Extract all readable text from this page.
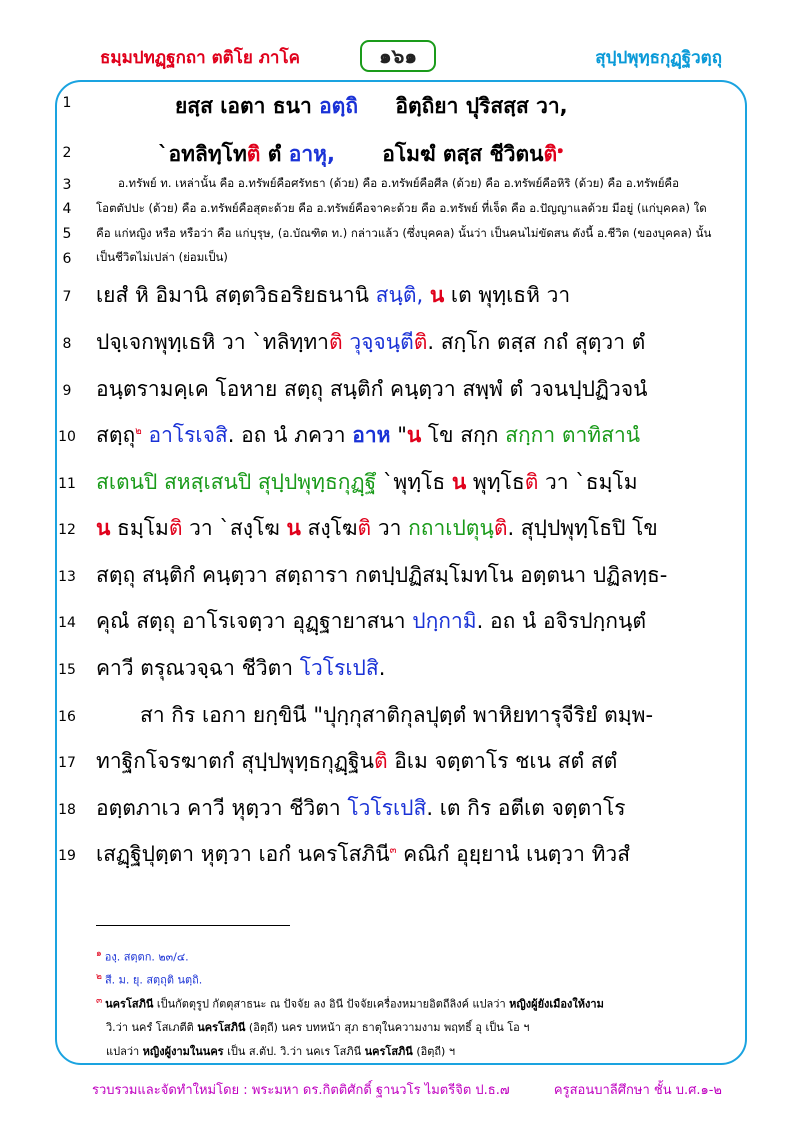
ธมฺมปทฏฺฐกถา ตติโย ภาโค	๑๖๑	สุปฺปพุทฺธกุฏฺฐิวตฺถุ
1
2
3
4
5
6
7
8
9
10
11
12
13
14
15
16
17
18
19
ยสฺส เอตา ธนา อตฺถิ อิตฺถิยา ปุริสสฺส วา,
`อทลิทฺโทติ ตํ อาหุ, อโมฆํ ตสฺส ชีวิตนติ$^๑$
อ.ทรัพย์ ท. เหล่านั้น คือ อ.ทรัพย์คือศรัทธา (ด้วย) คือ อ.ทรัพย์คือศีล (ด้วย) คือ อ.ทรัพย์คือหิริ (ด้วย) คือ อ.ทรัพย์คือ
โอตตัปปะ (ด้วย) คือ อ.ทรัพย์คือสุตะด้วย คือ อ.ทรัพย์คือจาคะด้วย คือ อ.ทรัพย์ ที่เจ็ด คือ อ.ปัญญาแลด้วย มีอยู่ (แก่บุคคล) ใด
คือ แก่หญิง หรือ หรือว่า คือ แก่บุรุษ, (อ.บัณฑิต ท.) กล่าวแล้ว (ซึ่งบุคคล) นั้นว่า เป็นคนไม่ขัดสน ดังนี้ อ.ชีวิต (ของบุคคล) นั้น
เป็นชีวิตไม่เปล่า (ย่อมเป็น)
เยสํ หิ อิมานิ สตฺตวิธอริยธนานิ สนฺติ, น เต พุทฺเธหิ วา
ปจฺเจกพุทฺเธหิ วา `ทลิทฺทาติ วุจฺจนฺตีติ. สกฺโก ตสฺส กถํ สุตฺวา ตํ
อนฺตรามคฺเค โอหาย สตฺถุ สนฺติกํ คนฺตฺวา สพฺพํ ตํ วจนปฺปฏิวจนํ
สตฺถุ$^๒$ อาโรเจสิ. อถ นํ ภควา อาห "น โข สกฺก สกฺกา ตาทิสานํ
สเตนปิ สหสฺเสนปิ สุปฺปพุทฺธกุฏฺฐึ `พุทฺโธ น พุทฺโธติ วา `ธมฺโม
น ธมฺโมติ วา `สงฺโฆ น สงฺโฆติ วา กถาเปตุนฺติ. สุปฺปพุทฺโธปิ โข
สตฺถุ สนฺติกํ คนฺตฺวา สตฺถารา กตปฺปฏิสมฺโมทโน อตฺตนา ปฏิลทฺธ-
คุณํ สตฺถุ อาโรเจตฺวา อุฏฺฐายาสนา ปกฺกามิ. อถ นํ อจิรปกฺกนฺตํ
คาวี ตรุณวจฺฉา ชีวิตา โวโรเปสิ.
สา กิร เอกา ยกฺขินี "ปุกฺกุสาติกุลปุตฺตํ พาหิยทารุจีริยํ ตมฺพ-
ทาฐิกโจรฆาตกํ สุปฺปพุทฺธกุฏฺฐินติ อิเม จตฺตาโร ชเน สตํ สตํ
อตฺตภาเว คาวี หุตฺวา ชีวิตา โวโรเปสิ. เต กิร อตีเต จตฺตาโร
เสฏฺฐิปุตฺตา หุตฺวา เอกํ นครโสภินี$^๓$ คณิกํ อุยฺยานํ เนตฺวา ทิวสํ
$^๑$ องฺ. สตฺตก. ๒๓/๔.
$^๒$ สี. ม. ยุ. สตฺถุติ นตฺถิ.
$^๓$ นครโสภินี เป็นกัตตุรูป กัตตุสาธนะ ณ ปัจจัย ลง อินี ปัจจัยเครื่องหมายอิตถีลิงค์ แปลว่า หญิงผู้ยังเมืองให้งาม
วิ.ว่า นครํ โสเภตีติ นครโสภินี (อิตฺถี) นคร บทหน้า สุภ ธาตุในความงาม พฤทธิ์ อุ เป็น โอ ฯ
แปลว่า หญิงผู้งามในนคร เป็น ส.ตัป. วิ.ว่า นคเร โสภินี นครโสภินี (อิตฺถี) ฯ
รวบรวมและจัดทำใหม่โดย : พระมหา ดร.กิตติศักดิ์ ฐานวโร ไมตรีจิต ป.ธ.๗	ครูสอนบาลีศึกษา ชั้น บ.ศ.๑-๒
